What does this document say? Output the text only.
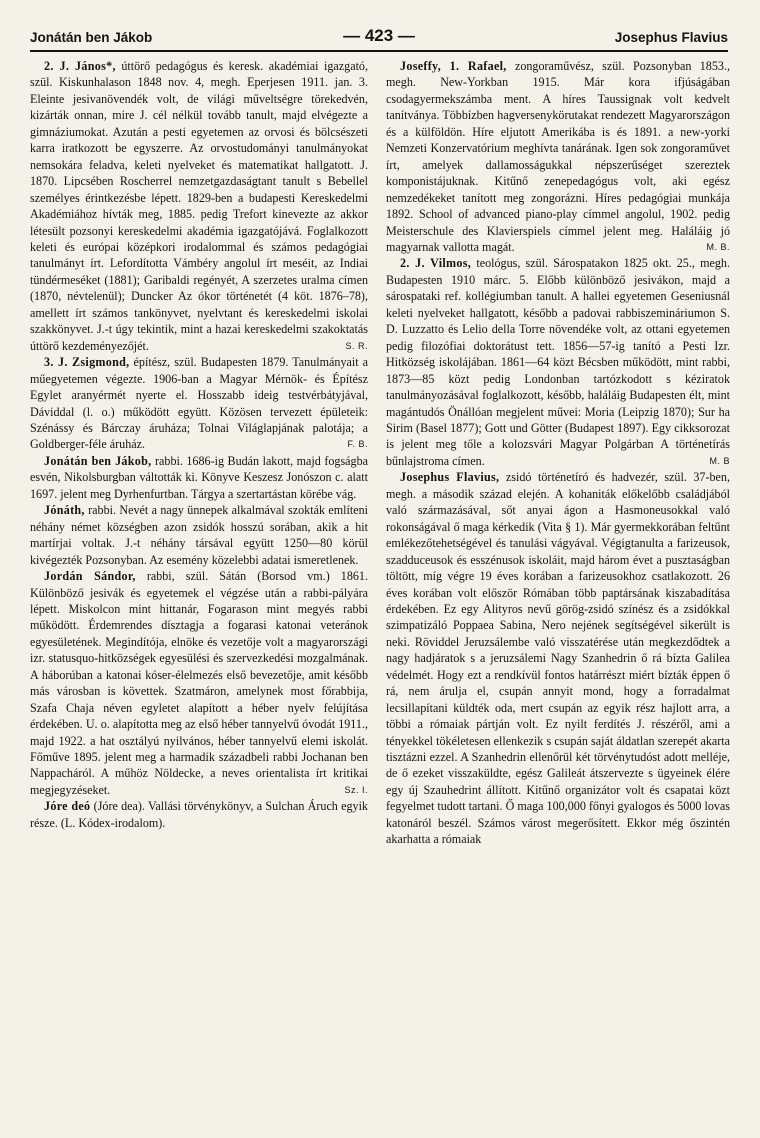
Jonátán ben Jákob	— 423 —	Josephus Flavius

2. J. János*, úttörő pedagógus és keresk. akadémiai igazgató, szül. Kiskunhalason 1848 nov. 4, megh. Eperjesen 1911. jan. 3. Eleinte jesivanövendék volt, de világi műveltségre törekedvén, kizárták onnan, mire J. cél nélkül tovább tanult, majd elvégezte a gimnáziumokat. Azután a pesti egyetemen az orvosi és bölcsészeti karra iratkozott be egyszerre. Az orvostudományi tanulmányokat nemsokára feladva, keleti nyelveket és matematikat hallgatott. J. 1870. Lipcsében Roscherrel nemzetgazdaságtant tanult s Bebellel személyes érintkezésbe lépett. 1829-ben a budapesti Kereskedelmi Akadémiához hívták meg, 1885. pedig Trefort kinevezte az akkor létesült pozsonyi kereskedelmi akadémia igazgatójává. Foglalkozott keleti és európai középkori irodalommal és számos pedagógiai tanulmányt írt. Lefordította Vámbéry angolul írt meséit, az Indiai tündérmeséket (1881); Garibaldi regényét, A szerzetes uralma címen (1870, névtelenül); Duncker Az ókor történetét (4 köt. 1876–78), amellett írt számos tankönyvet, nyelvtant és kereskedelmi iskolai szakkönyvet. J.-t úgy tekintik, mint a hazai kereskedelmi szakoktatás úttörő kezdeményezőjét.	S. R.

3. J. Zsigmond, építész, szül. Budapesten 1879. Tanulmányait a műegyetemen végezte. 1906-ban a Magyar Mérnök- és Építész Egylet aranyérmét nyerte el. Hosszabb ideig testvérbátyjával, Dáviddal (l. o.) működött együtt. Közösen tervezett épületeik: Szénássy és Bárczay áruháza; Tolnai Világlapjának palotája; a Goldberger-féle áruház.	F. B.

Jonátán ben Jákob, rabbi. 1686-ig Budán lakott, majd fogságba esvén, Nikolsburgban váltották ki. Könyve Keszesz Jonószon c. alatt 1697. jelent meg Dyrhenfurtban. Tárgya a szertartástan körébe vág.

Jónáth, rabbi. Nevét a nagy ünnepek alkalmával szokták említeni néhány német községben azon zsidók hosszú sorában, akik a hit martírjai voltak. J.-t néhány társával együtt 1250—80 körül kivégezték Pozsonyban. Az esemény közelebbi adatai ismeretlenek.

Jordán Sándor, rabbi, szül. Sátán (Borsod vm.) 1861. Különböző jesivák és egyetemek el végzése után a rabbi-pályára lépett. Miskolcon mint hittanár, Fogarason mint megyés rabbi működött. Érdemrendes dísztagja a fogarasi katonai veteránok egyesületének. Megindítója, elnöke és vezetője volt a magyarországi izr. statusquo-hitközségek egyesülési és szervezkedési mozgalmának. A háborúban a katonai kóser-élelmezés első bevezetője, amit később más városban is követtek. Szatmáron, amelynek most főrabbija, Szafa Chaja néven egyletet alapított a héber nyelv felújítása érdekében. U. o. alapította meg az első héber tannyelvű óvodát 1911., majd 1922. a hat osztályú nyilvános, héber tannyelvű elemi iskolát. Főműve 1895. jelent meg a harmadik századbeli rabbi Jochanan ben Nappacháról. A műhöz Nöldecke, a neves orientalista írt kritikai megjegyzéseket.	Sz. I.

Jóre deó (Jóre dea). Vallási törvénykönyv, a Sulchan Áruch egyik része. (L. Kódex-irodalom).

Joseffy, 1. Rafael, zongoraművész, szül. Pozsonyban 1853., megh. New-Yorkban 1915. Már kora ifjúságában csodagyermekszámba ment. A híres Taussignak volt kedvelt tanítványa. Többízben hagversenykörutakat rendezett Magyarországon és a külföldön. Híre eljutott Amerikába is és 1891. a new-yorki Nemzeti Konzervatórium meghívta tanárának. Igen sok zongoraművet írt, amelyek dallamosságukkal népszerűséget szereztek komponistájuknak. Kitűnő zenepedagógus volt, aki egész nemzedékeket tanított meg zongorázni. Híres pedagógiai munkája 1892. School of advanced piano-play címmel angolul, 1902. pedig Meisterschule des Klavierspiels címmel jelent meg. Haláláig jó magyarnak vallotta magát.	M. B.

2. J. Vilmos, teológus, szül. Sárospatakon 1825 okt. 25., megh. Budapesten 1910 márc. 5. Előbb különböző jesivákon, majd a sárospataki ref. kollégiumban tanult. A hallei egyetemen Geseniusnál keleti nyelveket hallgatott, később a padovai rabbiszemináriumon S. D. Luzzatto és Lelio della Torre növendéke volt, az ottani egyetemen pedig filozófiai doktorátust tett. 1856—57-ig tanító a Pesti Izr. Hitközség iskolájában. 1861—64 közt Bécsben működött, mint rabbi, 1873—85 közt pedig Londonban tartózkodott s kéziratok tanulmányozásával foglalkozott, később, haláláig Budapesten élt, mint magántudós Önállóan megjelent művei: Moria (Leipzig 1870); Sur ha Sirim (Basel 1877); Gott und Götter (Budapest 1897). Egy cikksorozat is jelent meg tőle a kolozsvári Magyar Polgárban A történetírás bűnlajstroma címen.	M. B

Josephus Flavius, zsidó történetíró és hadvezér, szül. 37-ben, megh. a második század elején. A kohaniták előkelőbb családjából való származásával, sőt anyai ágon a Hasmoneusokkal való rokonságával ő maga kérkedik (Vita § 1). Már gyermekkorában feltűnt emlékezőtehetségével és tanulási vágyával. Végigtanulta a farizeusok, szadduceusok és esszénusok iskoláit, majd három évet a pusztaságban töltött, míg végre 19 éves korában a farizeusokhoz csatlakozott. 26 éves korában volt először Rómában több paptársának kiszabadítása érdekében. Ez egy Alityros nevű görög-zsidó színész és a zsidókkal szimpatizáló Poppaea Sabina, Nero nejének segítségével sikerült is neki. Röviddel Jeruzsálembe való visszatérése után megkezdődtek a nagy hadjáratok s a jeruzsálemi Nagy Szanhedrin ő rá bízta Galilea védelmét. Hogy ezt a rendkívül fontos határrészt miért bízták éppen ő rá, nem árulja el, csupán annyit mond, hogy a forradalmat lecsillapítani küldték oda, mert csupán az egyik rész hajlott arra, a többi a rómaiak pártján volt. Ez nyilt ferdítés J. részéről, ami a tényekkel tökéletesen ellenkezik s csupán saját áldatlan szerepét akarta tisztázni ezzel. A Szanhedrin ellenőrül két törvénytudóst adott melléje, de ő ezeket visszaküldte, egész Galileát átszervezte s ügyeinek élére egy új Szauhedrint állított. Kitűnő organizátor volt és csapatai közt fegyelmet tudott tartani. Ő maga 100,000 főnyi gyalogos és 5000 lovas katonáról beszél. Számos várost megerősített. Ekkor még őszintén akarhatta a rómaiak
